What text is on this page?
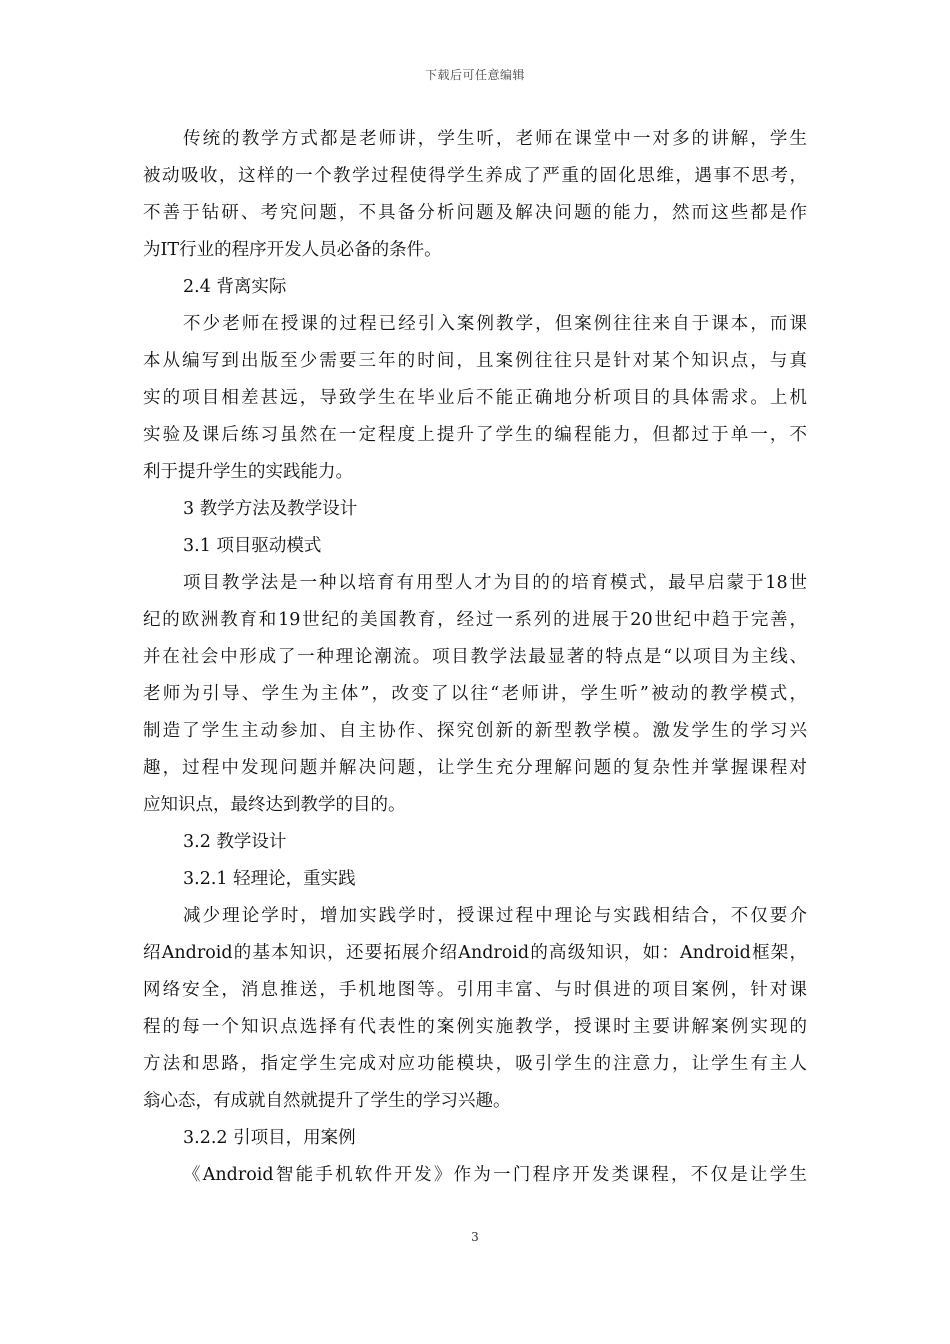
下载后可任意编辑
传统的教学方式都是老师讲，学生听，老师在课堂中一对多的讲解，学生
被动吸收，这样的一个教学过程使得学生养成了严重的固化思维，遇事不思考，
不善于钻研、考究问题，不具备分析问题及解决问题的能力，然而这些都是作
为IT行业的程序开发人员必备的条件。
2.4 背离实际
不少老师在授课的过程已经引入案例教学，但案例往往来自于课本，而课
本从编写到出版至少需要三年的时间，且案例往往只是针对某个知识点，与真
实的项目相差甚远，导致学生在毕业后不能正确地分析项目的具体需求。上机
实验及课后练习虽然在一定程度上提升了学生的编程能力，但都过于单一，不
利于提升学生的实践能力。
3 教学方法及教学设计
3.1 项目驱动模式
项目教学法是一种以培育有用型人才为目的的培育模式，最早启蒙于18世
纪的欧洲教育和19世纪的美国教育，经过一系列的进展于20世纪中趋于完善，
并在社会中形成了一种理论潮流。项目教学法最显著的特点是“以项目为主线、
老师为引导、学生为主体”，改变了以往“老师讲，学生听”被动的教学模式，
制造了学生主动参加、自主协作、探究创新的新型教学模。激发学生的学习兴
趣，过程中发现问题并解决问题，让学生充分理解问题的复杂性并掌握课程对
应知识点，最终达到教学的目的。
3.2 教学设计
3.2.1 轻理论，重实践
减少理论学时，增加实践学时，授课过程中理论与实践相结合，不仅要介
绍Android的基本知识，还要拓展介绍Android的高级知识，如：Android框架，
网络安全，消息推送，手机地图等。引用丰富、与时俱进的项目案例，针对课
程的每一个知识点选择有代表性的案例实施教学，授课时主要讲解案例实现的
方法和思路，指定学生完成对应功能模块，吸引学生的注意力，让学生有主人
翁心态，有成就自然就提升了学生的学习兴趣。
3.2.2 引项目，用案例
《Android智能手机软件开发》作为一门程序开发类课程，不仅是让学生
3
